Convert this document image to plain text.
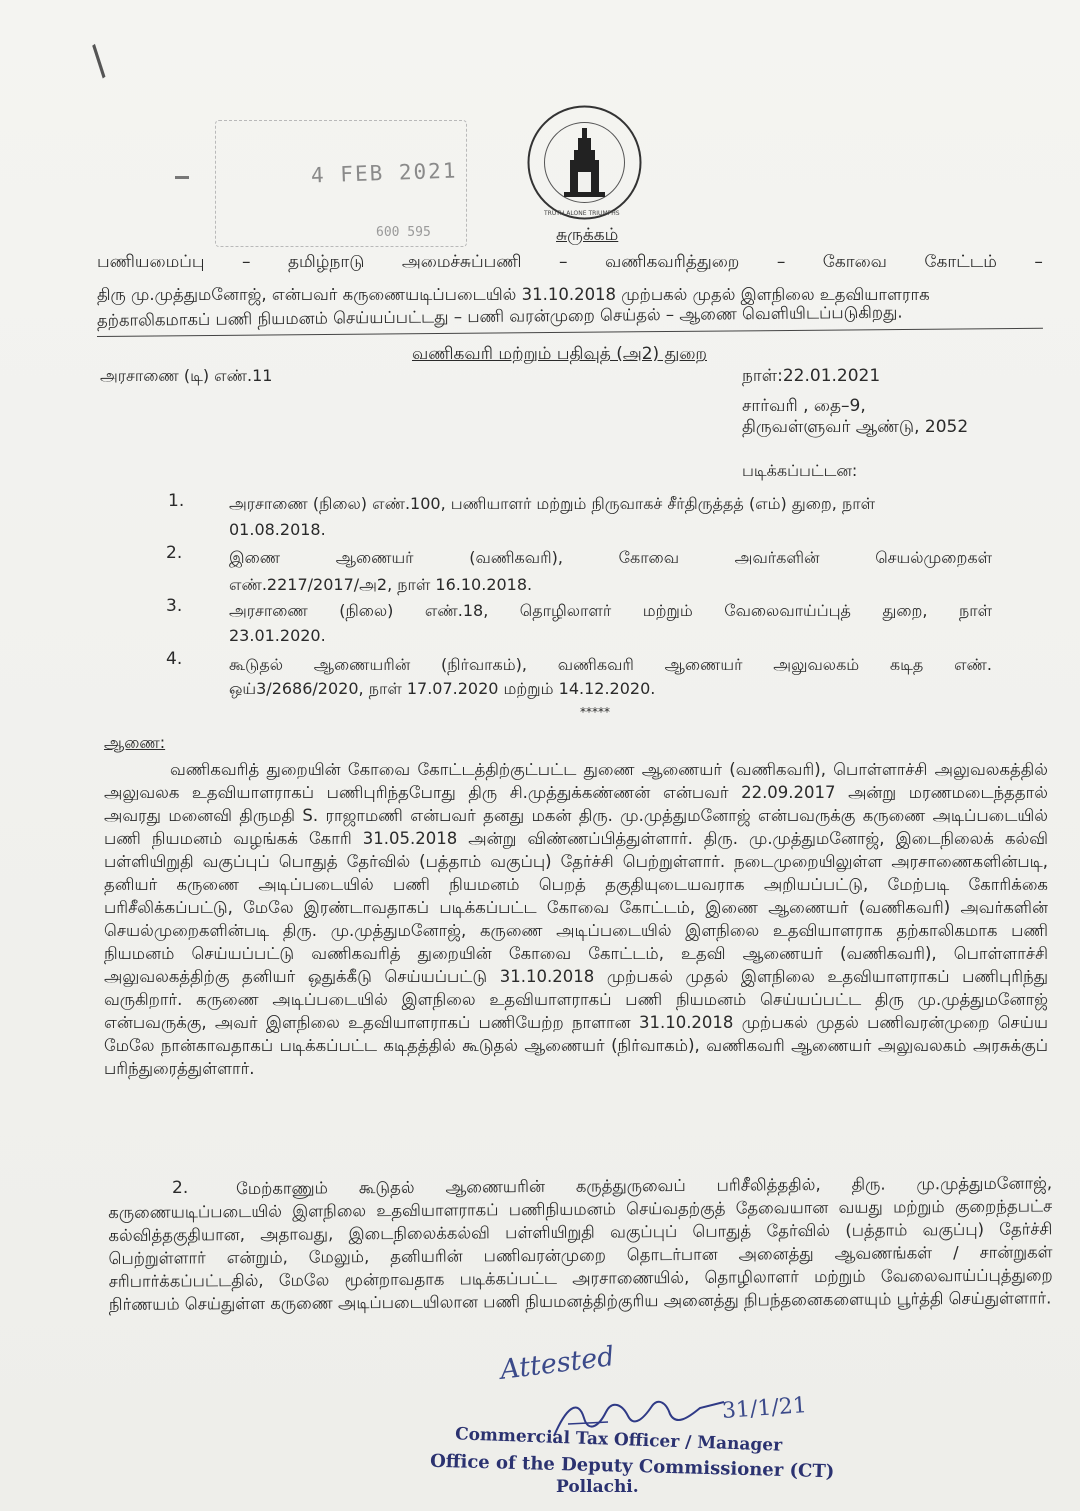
/
4 FEB 2021
600 595
TRUTH ALONE TRIUMPHS
சுருக்கம்
பணியமைப்பு – தமிழ்நாடு அமைச்சுப்பணி – வணிகவரித்துறை – கோவை கோட்டம் –
திரு மு.முத்துமனோஜ், என்பவர் கருணையடிப்படையில் 31.10.2018 முற்பகல் முதல் இளநிலை உதவியாளராக
தற்காலிகமாகப் பணி நியமனம் செய்யப்பட்டது – பணி வரன்முறை செய்தல் – ஆணை வெளியிடப்படுகிறது.
வணிகவரி மற்றும் பதிவுத் (அ2) துறை
அரசாணை (டி) எண்.11	நாள்:22.01.2021
சார்வரி , தை–9,
திருவள்ளுவர் ஆண்டு, 2052
படிக்கப்பட்டன:
1.	அரசாணை (நிலை) எண்.100, பணியாளர் மற்றும் நிருவாகச் சீர்திருத்தத் (எம்) துறை, நாள்
01.08.2018.
2.	இணை ஆணையர் (வணிகவரி), கோவை அவர்களின் செயல்முறைகள்
எண்.2217/2017/அ2, நாள் 16.10.2018.
3.	அரசாணை (நிலை) எண்.18, தொழிலாளர் மற்றும் வேலைவாய்ப்புத் துறை, நாள்
23.01.2020.
4.	கூடுதல் ஆணையரின் (நிர்வாகம்), வணிகவரி ஆணையர் அலுவலகம் கடித எண்.
ஒய்3/2686/2020, நாள் 17.07.2020 மற்றும் 14.12.2020.
*****
ஆணை:
வணிகவரித் துறையின் கோவை கோட்டத்திற்குட்பட்ட துணை ஆணையர் (வணிகவரி), பொள்ளாச்சி அலுவலகத்தில் அலுவலக உதவியாளராகப் பணிபுரிந்தபோது திரு சி.முத்துக்கண்ணன் என்பவர் 22.09.2017 அன்று மரணமடைந்ததால் அவரது மனைவி திருமதி S. ராஜாமணி என்பவர் தனது மகன் திரு. மு.முத்துமனோஜ் என்பவருக்கு கருணை அடிப்படையில் பணி நியமனம் வழங்கக் கோரி 31.05.2018 அன்று விண்ணப்பித்துள்ளார். திரு. மு.முத்துமனோஜ், இடைநிலைக் கல்வி பள்ளியிறுதி வகுப்புப் பொதுத் தேர்வில் (பத்தாம் வகுப்பு) தேர்ச்சி பெற்றுள்ளார். நடைமுறையிலுள்ள அரசாணைகளின்படி, தனியர் கருணை அடிப்படையில் பணி நியமனம் பெறத் தகுதியுடையவராக அறியப்பட்டு, மேற்படி கோரிக்கை பரிசீலிக்கப்பட்டு, மேலே இரண்டாவதாகப் படிக்கப்பட்ட கோவை கோட்டம், இணை ஆணையர் (வணிகவரி) அவர்களின் செயல்முறைகளின்படி திரு. மு.முத்துமனோஜ், கருணை அடிப்படையில் இளநிலை உதவியாளராக தற்காலிகமாக பணி நியமனம் செய்யப்பட்டு வணிகவரித் துறையின் கோவை கோட்டம், உதவி ஆணையர் (வணிகவரி), பொள்ளாச்சி அலுவலகத்திற்கு தனியர் ஒதுக்கீடு செய்யப்பட்டு 31.10.2018 முற்பகல் முதல் இளநிலை உதவியாளராகப் பணிபுரிந்து வருகிறார். கருணை அடிப்படையில் இளநிலை உதவியாளராகப் பணி நியமனம் செய்யப்பட்ட திரு மு.முத்துமனோஜ் என்பவருக்கு, அவர் இளநிலை உதவியாளராகப் பணியேற்ற நாளான 31.10.2018 முற்பகல் முதல் பணிவரன்முறை செய்ய மேலே நான்காவதாகப் படிக்கப்பட்ட கடிதத்தில் கூடுதல் ஆணையர் (நிர்வாகம்), வணிகவரி ஆணையர் அலுவலகம் அரசுக்குப் பரிந்துரைத்துள்ளார்.
2.	மேற்காணும் கூடுதல் ஆணையரின் கருத்துருவைப் பரிசீலித்ததில், திரு. மு.முத்துமனோஜ், கருணையடிப்படையில் இளநிலை உதவியாளராகப் பணிநியமனம் செய்வதற்குத் தேவையான வயது மற்றும் குறைந்தபட்ச கல்வித்தகுதியான, அதாவது, இடைநிலைக்கல்வி பள்ளியிறுதி வகுப்புப் பொதுத் தேர்வில் (பத்தாம் வகுப்பு) தேர்ச்சி பெற்றுள்ளார் என்றும், மேலும், தனியரின் பணிவரன்முறை தொடர்பான அனைத்து ஆவணங்கள் / சான்றுகள் சரிபார்க்கப்பட்டதில், மேலே மூன்றாவதாக படிக்கப்பட்ட அரசாணையில், தொழிலாளர் மற்றும் வேலைவாய்ப்புத்துறை நிர்ணயம் செய்துள்ள கருணை அடிப்படையிலான பணி நியமனத்திற்குரிய அனைத்து நிபந்தனைகளையும் பூர்த்தி செய்துள்ளார்.
Attested
31/1/21
Commercial Tax Officer / Manager
Office of the Deputy Commissioner (CT)
Pollachi.
